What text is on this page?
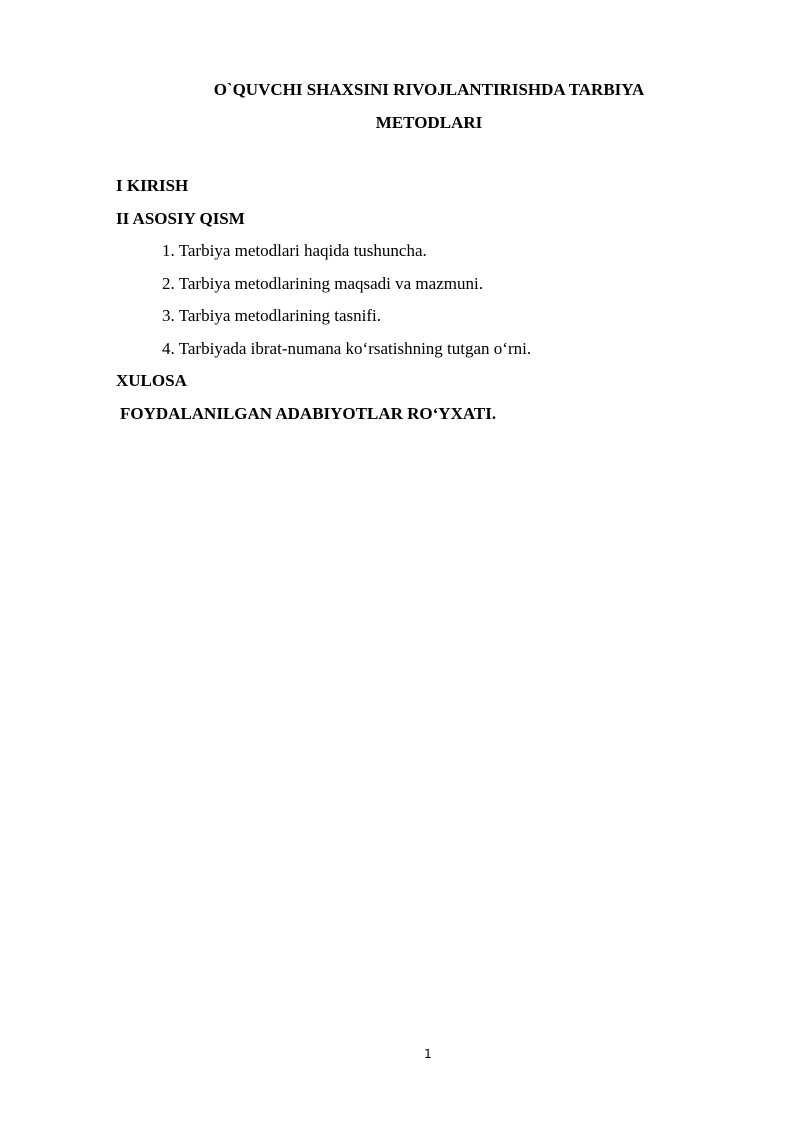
O`QUVCHI SHAXSINI RIVOJLANTIRISHDA TARBIYA
METODLARI
I KIRISH
II ASOSIY QISM
1. Tarbiya metodlari haqida tushuncha.
2. Tarbiya metodlarining maqsadi va mazmuni.
3. Tarbiya metodlarining tasnifi.
4. Tarbiyada ibrat-numana ko‘rsatishning tutgan o‘rni.
XULOSA
FOYDALANILGAN ADABIYOTLAR RO‘YXATI.
1
